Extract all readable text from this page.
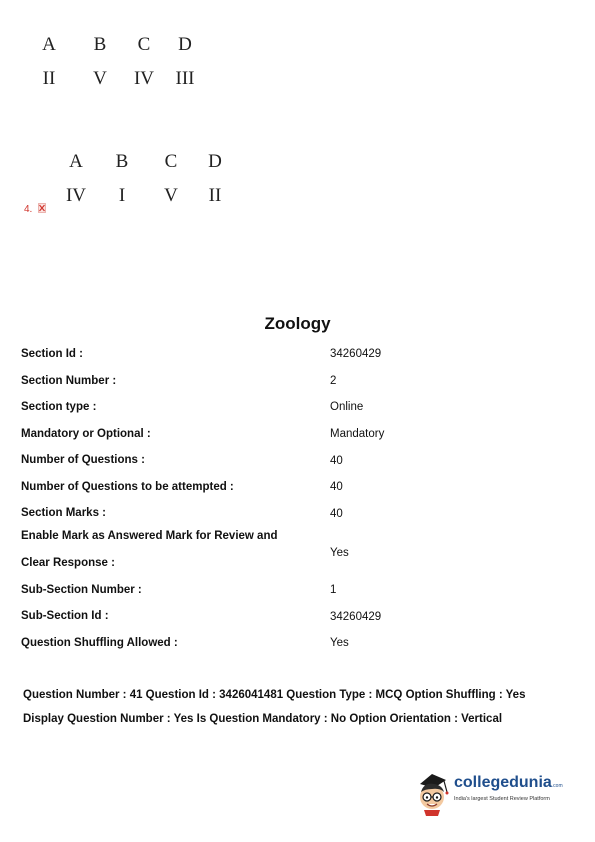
A	B	C	D
II	V	IV	III
A	B	C	D
IV	I	V	II
4.
Zoology
Section Id :	34260429
Section Number :	2
Section type :	Online
Mandatory or Optional :	Mandatory
Number of Questions :	40
Number of Questions to be attempted :	40
Section Marks :	40
Enable Mark as Answered Mark for Review and
Clear Response :
Yes
Sub-Section Number :	1
Sub-Section Id :	34260429
Question Shuffling Allowed :	Yes
Question Number : 41 Question Id : 3426041481 Question Type : MCQ Option Shuffling : Yes
Display Question Number : Yes Is Question Mandatory : No Option Orientation : Vertical
collegedunia.com
India's largest Student Review Platform
